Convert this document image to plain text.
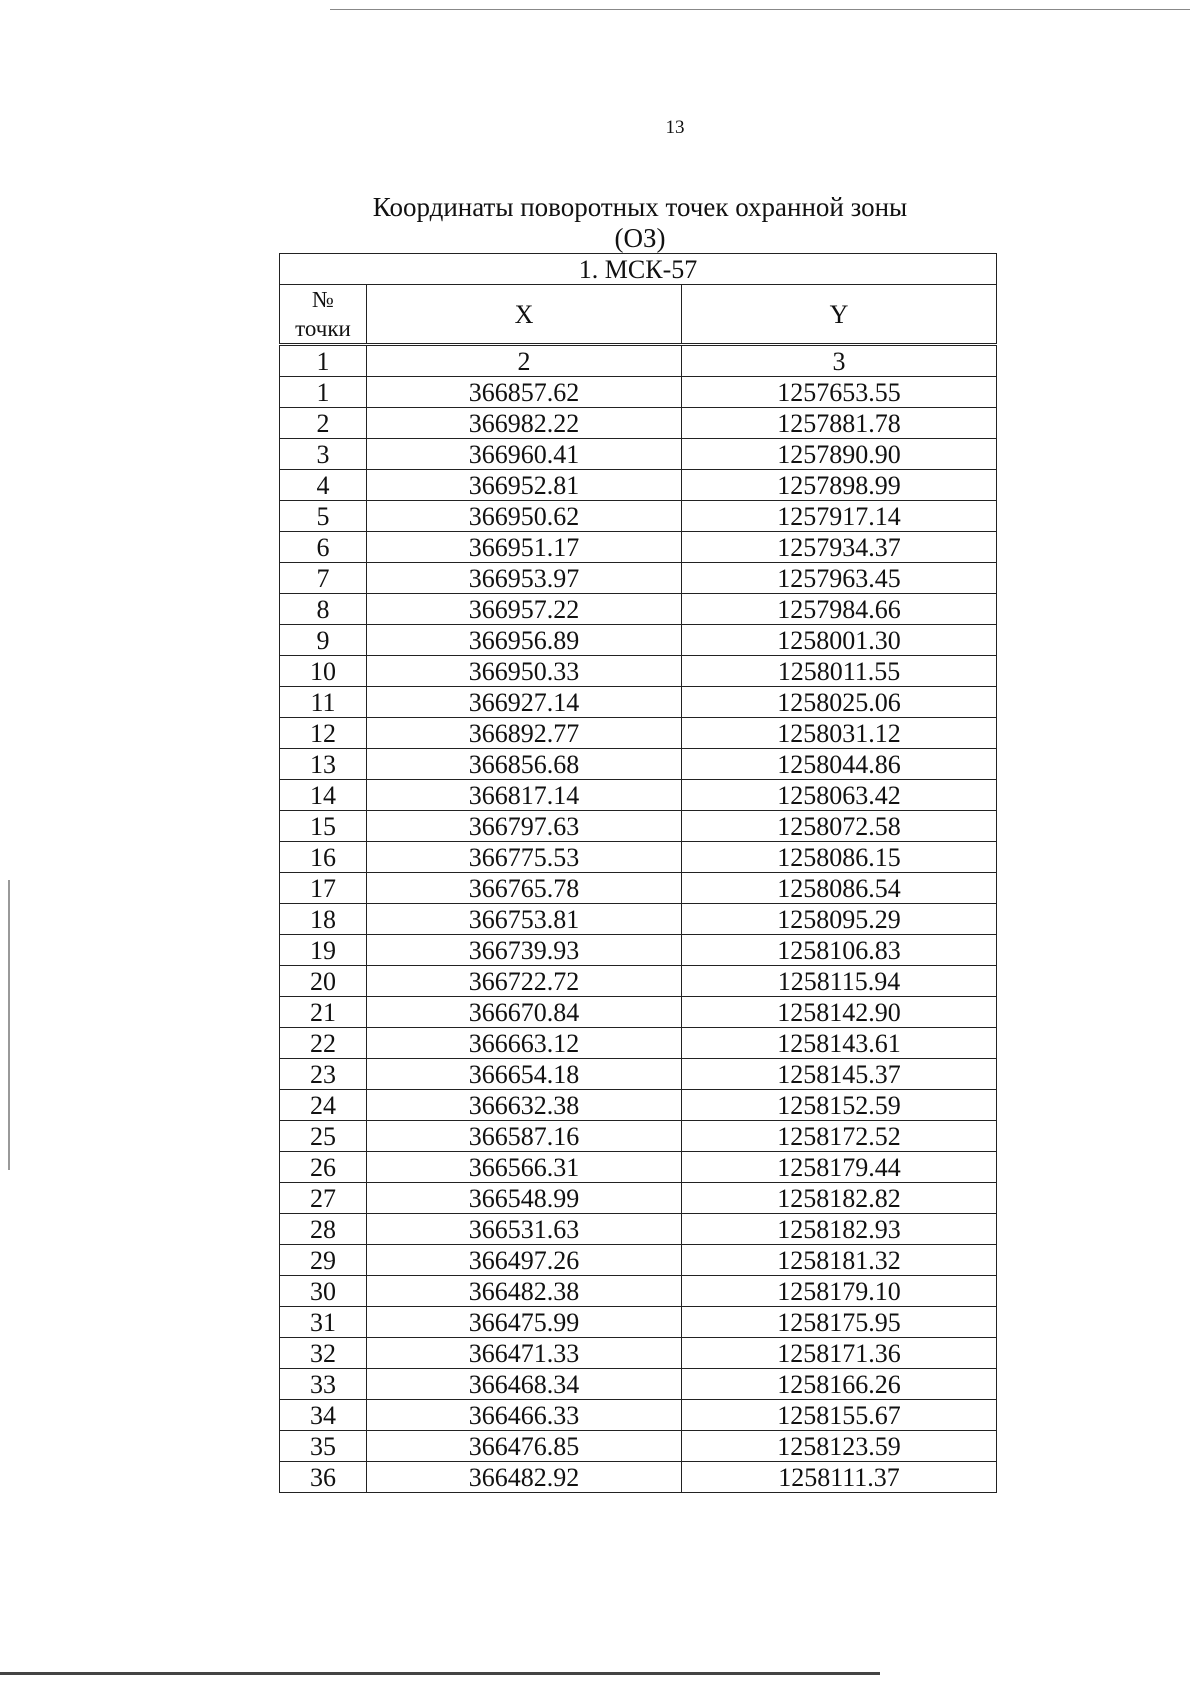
13
Координаты поворотных точек охранной зоны (ОЗ)
1. МСК-57		
№
точки	X	Y
1	2	3
1	366857.62	1257653.55
2	366982.22	1257881.78
3	366960.41	1257890.90
4	366952.81	1257898.99
5	366950.62	1257917.14
6	366951.17	1257934.37
7	366953.97	1257963.45
8	366957.22	1257984.66
9	366956.89	1258001.30
10	366950.33	1258011.55
11	366927.14	1258025.06
12	366892.77	1258031.12
13	366856.68	1258044.86
14	366817.14	1258063.42
15	366797.63	1258072.58
16	366775.53	1258086.15
17	366765.78	1258086.54
18	366753.81	1258095.29
19	366739.93	1258106.83
20	366722.72	1258115.94
21	366670.84	1258142.90
22	366663.12	1258143.61
23	366654.18	1258145.37
24	366632.38	1258152.59
25	366587.16	1258172.52
26	366566.31	1258179.44
27	366548.99	1258182.82
28	366531.63	1258182.93
29	366497.26	1258181.32
30	366482.38	1258179.10
31	366475.99	1258175.95
32	366471.33	1258171.36
33	366468.34	1258166.26
34	366466.33	1258155.67
35	366476.85	1258123.59
36	366482.92	1258111.37
